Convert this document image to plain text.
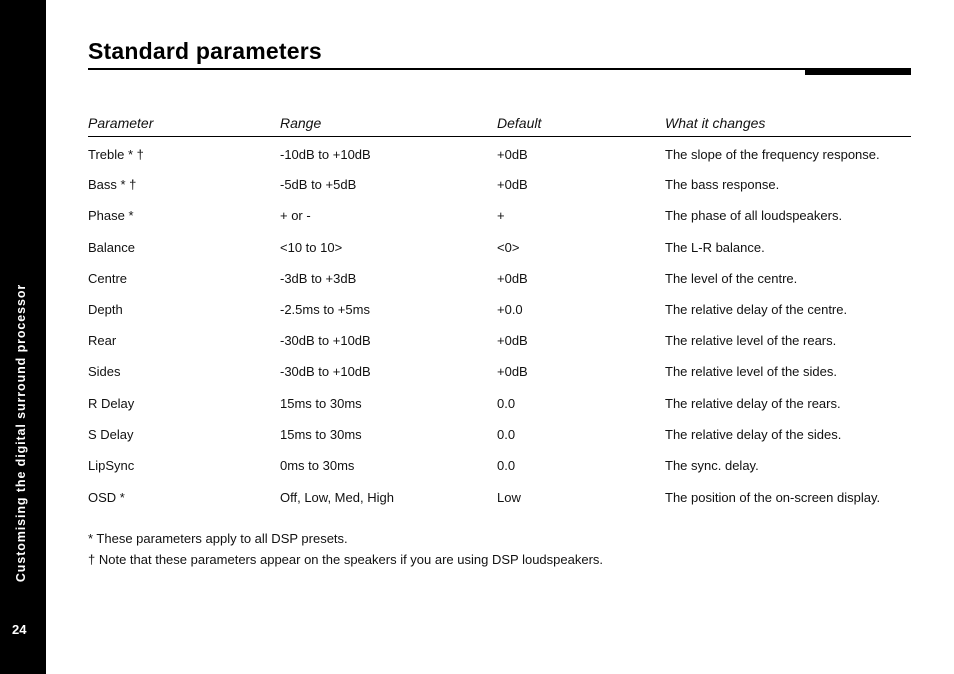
Customising the digital surround processor
24
Standard parameters
Parameter	Range	Default	What it changes
Treble * †	-10dB to +10dB	+0dB	The slope of the frequency response.
Bass * †	-5dB to +5dB	+0dB	The bass response.
Phase *	+ or -	+	The phase of all loudspeakers.
Balance	<10 to 10>	<0>	The L-R balance.
Centre	-3dB to +3dB	+0dB	The level of the centre.
Depth	-2.5ms to +5ms	+0.0	The relative delay of the centre.
Rear	-30dB to +10dB	+0dB	The relative level of the rears.
Sides	-30dB to +10dB	+0dB	The relative level of the sides.
R Delay	15ms to 30ms	0.0	The relative delay of the rears.
S Delay	15ms to 30ms	0.0	The relative delay of the sides.
LipSync	0ms to 30ms	0.0	The sync. delay.
OSD *	Off, Low, Med, High	Low	The position of the on-screen display.
* These parameters apply to all DSP presets.
† Note that these parameters appear on the speakers if you are using DSP loudspeakers.
